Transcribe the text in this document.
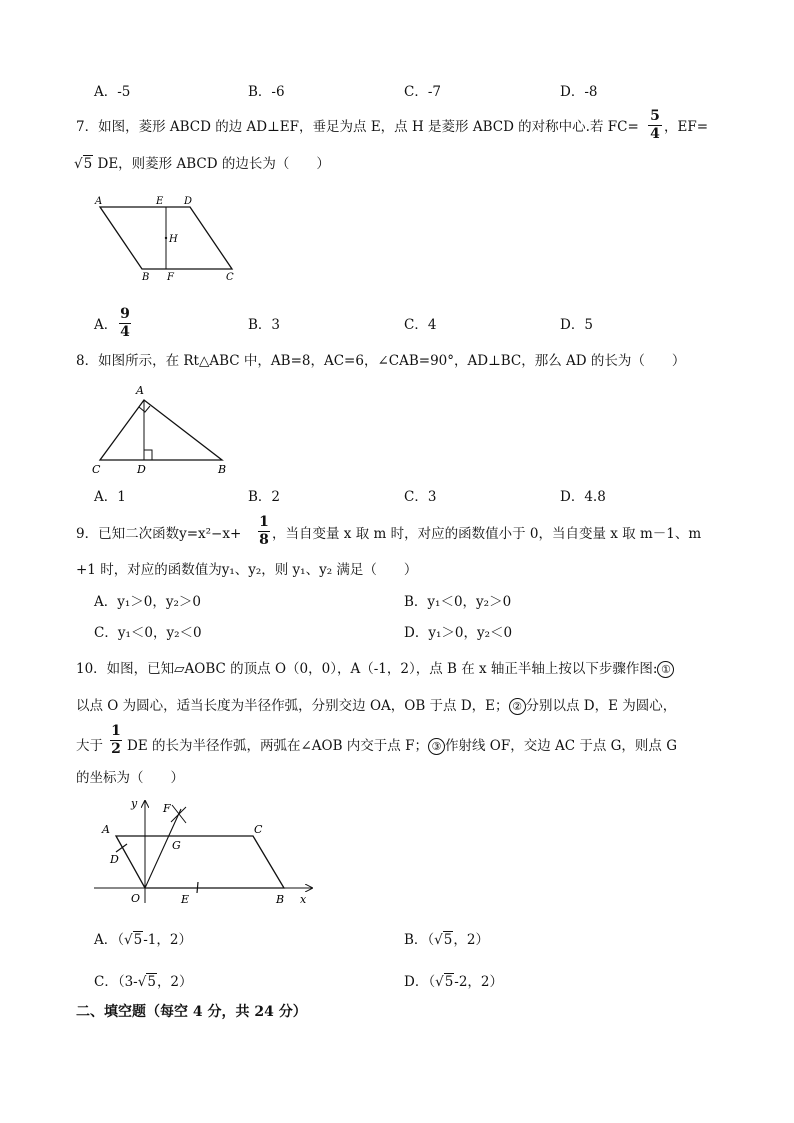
A．-5	B．-6	C．-7	D．-8
7．如图，菱形 ABCD 的边 AD⊥EF，垂足为点 E，点 H 是菱形 ABCD 的对称中心.若 FC=
5
4 ，EF=
√5 DE，则菱形 ABCD 的边长为（　　）
A	E D
H
B F	C
A．
9
4	B．3	C．4	D．5
8．如图所示，在 Rt△ABC 中，AB=8，AC=6，∠CAB=90°，AD⊥BC，那么 AD 的长为（　　）
A
C	D	B
A．1	B．2	C．3	D．4.8
9．已知二次函数y=x²−x+
1
8 ，当自变量 x 取 m 时，对应的函数值小于 0，当自变量 x 取 m－1、m
+1 时，对应的函数值为y₁、y₂，则 y₁、y₂ 满足（　　）
A．y₁＞0，y₂＞0	B．y₁＜0，y₂＞0
C．y₁＜0，y₂＜0	D．y₁＞0，y₂＜0
10．如图，已知▱AOBC 的顶点 O（0，0），A（-1，2），点 B 在 x 轴正半轴上按以下步骤作图: ①
以点 O 为圆心，适当长度为半径作弧，分别交边 OA，OB 于点 D，E； ② 分别以点 D，E 为圆心，
大于
1
2 DE 的长为半径作弧，两弧在∠AOB 内交于点 F； ③ 作射线 OF，交边 AC 于点 G，则点 G
的坐标为（　　）
y F
A	C
G
D
O	E	B x
A．（√5-1，2）	B．（√5，2）
C．（3-√5，2）	D．（√5-2，2）
二、填空题（每空 4 分，共 24 分）
